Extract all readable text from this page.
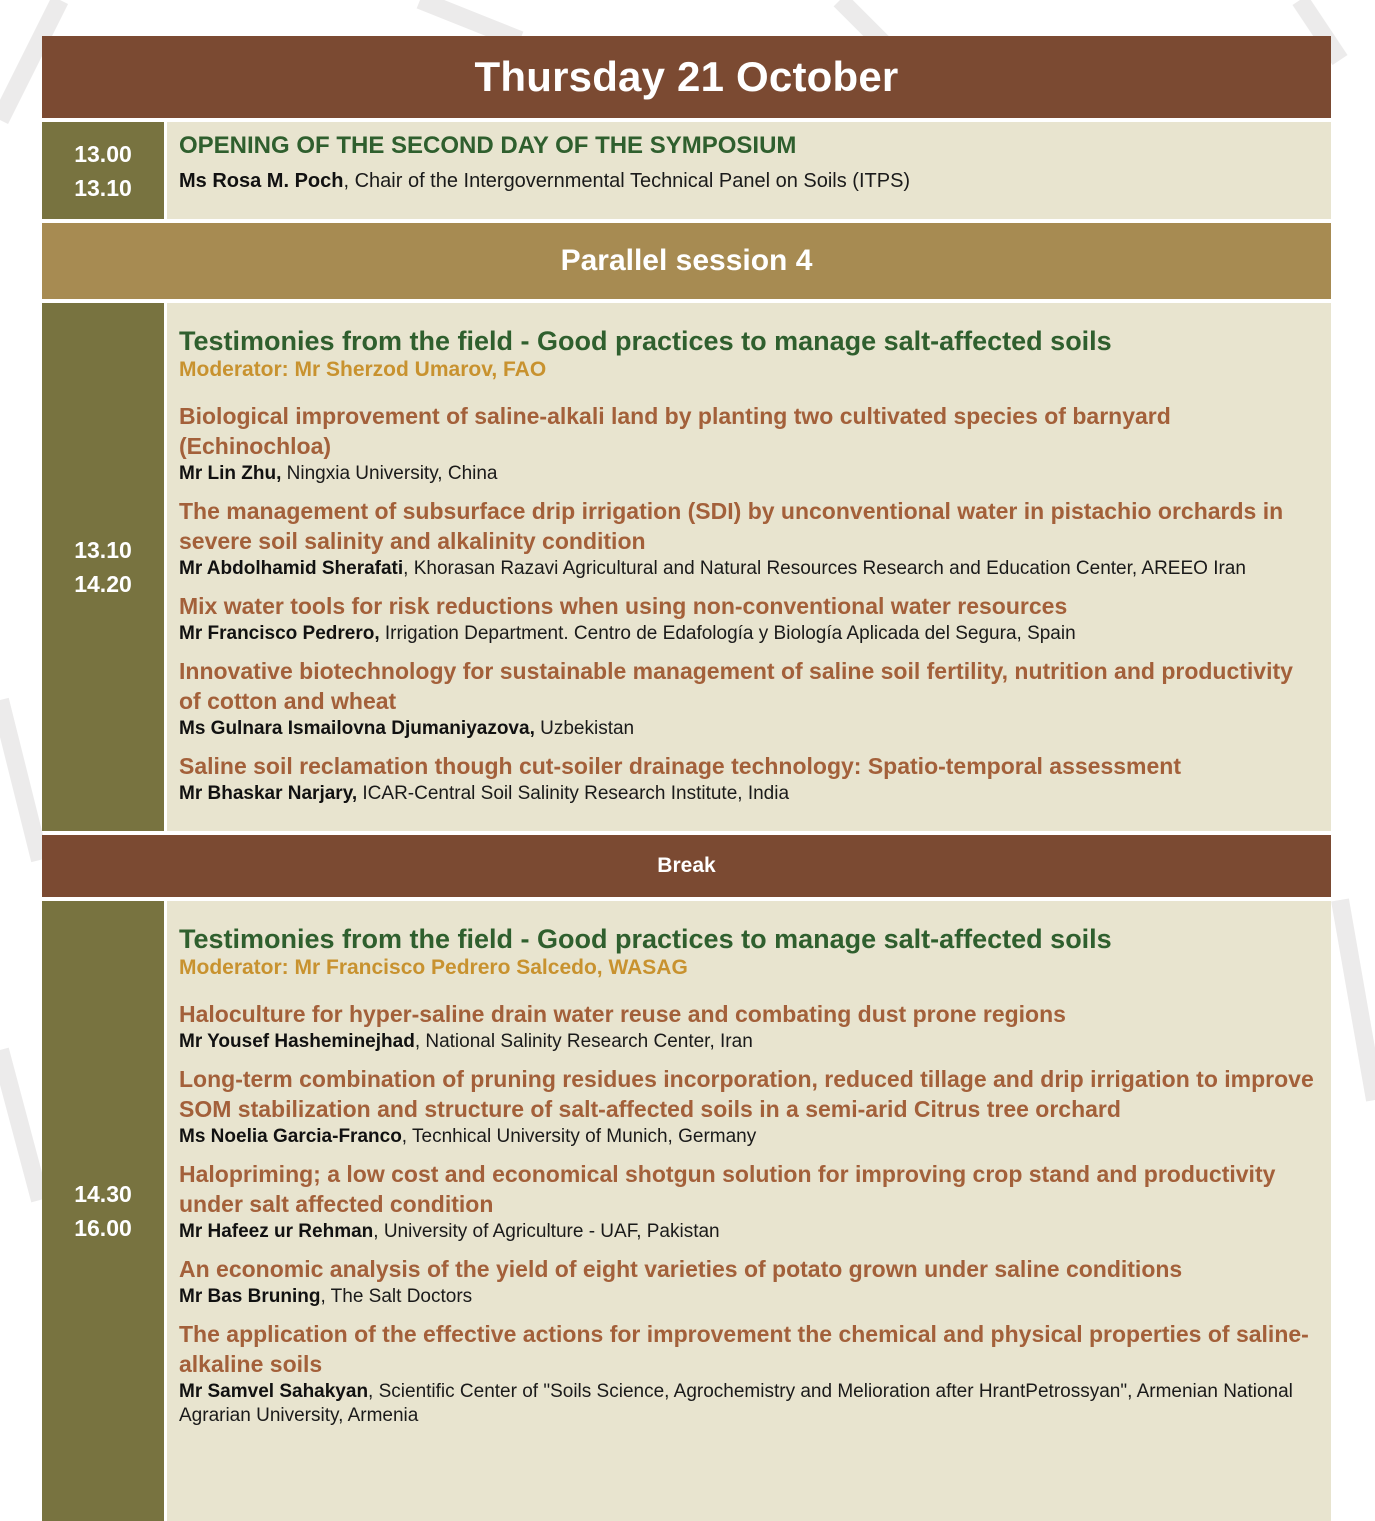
Thursday 21 October
13.00
13.10
OPENING OF THE SECOND DAY OF THE SYMPOSIUM
Ms Rosa M. Poch, Chair of the Intergovernmental Technical Panel on Soils (ITPS)
Parallel session 4
13.10
14.20
Testimonies from the field - Good practices to manage salt-affected soils
Moderator: Mr Sherzod Umarov, FAO
Biological improvement of saline-alkali land by planting two cultivated species of barnyard (Echinochloa)
Mr Lin Zhu, Ningxia University, China
The management of subsurface drip irrigation (SDI) by unconventional water in pistachio orchards in severe soil salinity and alkalinity condition
Mr Abdolhamid Sherafati, Khorasan Razavi Agricultural and Natural Resources Research and Education Center, AREEO Iran
Mix water tools for risk reductions when using non-conventional water resources
Mr Francisco Pedrero, Irrigation Department. Centro de Edafología y Biología Aplicada del Segura, Spain
Innovative biotechnology for sustainable management of saline soil fertility, nutrition and productivity of cotton and wheat
Ms Gulnara Ismailovna Djumaniyazova, Uzbekistan
Saline soil reclamation though cut-soiler drainage technology: Spatio-temporal assessment
Mr Bhaskar Narjary, ICAR-Central Soil Salinity Research Institute, India
Break
14.30
16.00
Testimonies from the field - Good practices to manage salt-affected soils
Moderator: Mr Francisco Pedrero Salcedo, WASAG
Haloculture for hyper-saline drain water reuse and combating dust prone regions
Mr Yousef Hasheminejhad, National Salinity Research Center, Iran
Long-term combination of pruning residues incorporation, reduced tillage and drip irrigation to improve SOM stabilization and structure of salt-affected soils in a semi-arid Citrus tree orchard
Ms Noelia Garcia-Franco, Tecnhical University of Munich, Germany
Halopriming; a low cost and economical shotgun solution for improving crop stand and productivity under salt affected condition
Mr Hafeez ur Rehman, University of Agriculture - UAF, Pakistan
An economic analysis of the yield of eight varieties of potato grown under saline conditions
Mr Bas Bruning, The Salt Doctors
The application of the effective actions for improvement the chemical and physical properties of saline-alkaline soils
Mr Samvel Sahakyan, Scientific Center of "Soils Science, Agrochemistry and Melioration after HrantPetrossyan", Armenian National Agrarian University, Armenia
